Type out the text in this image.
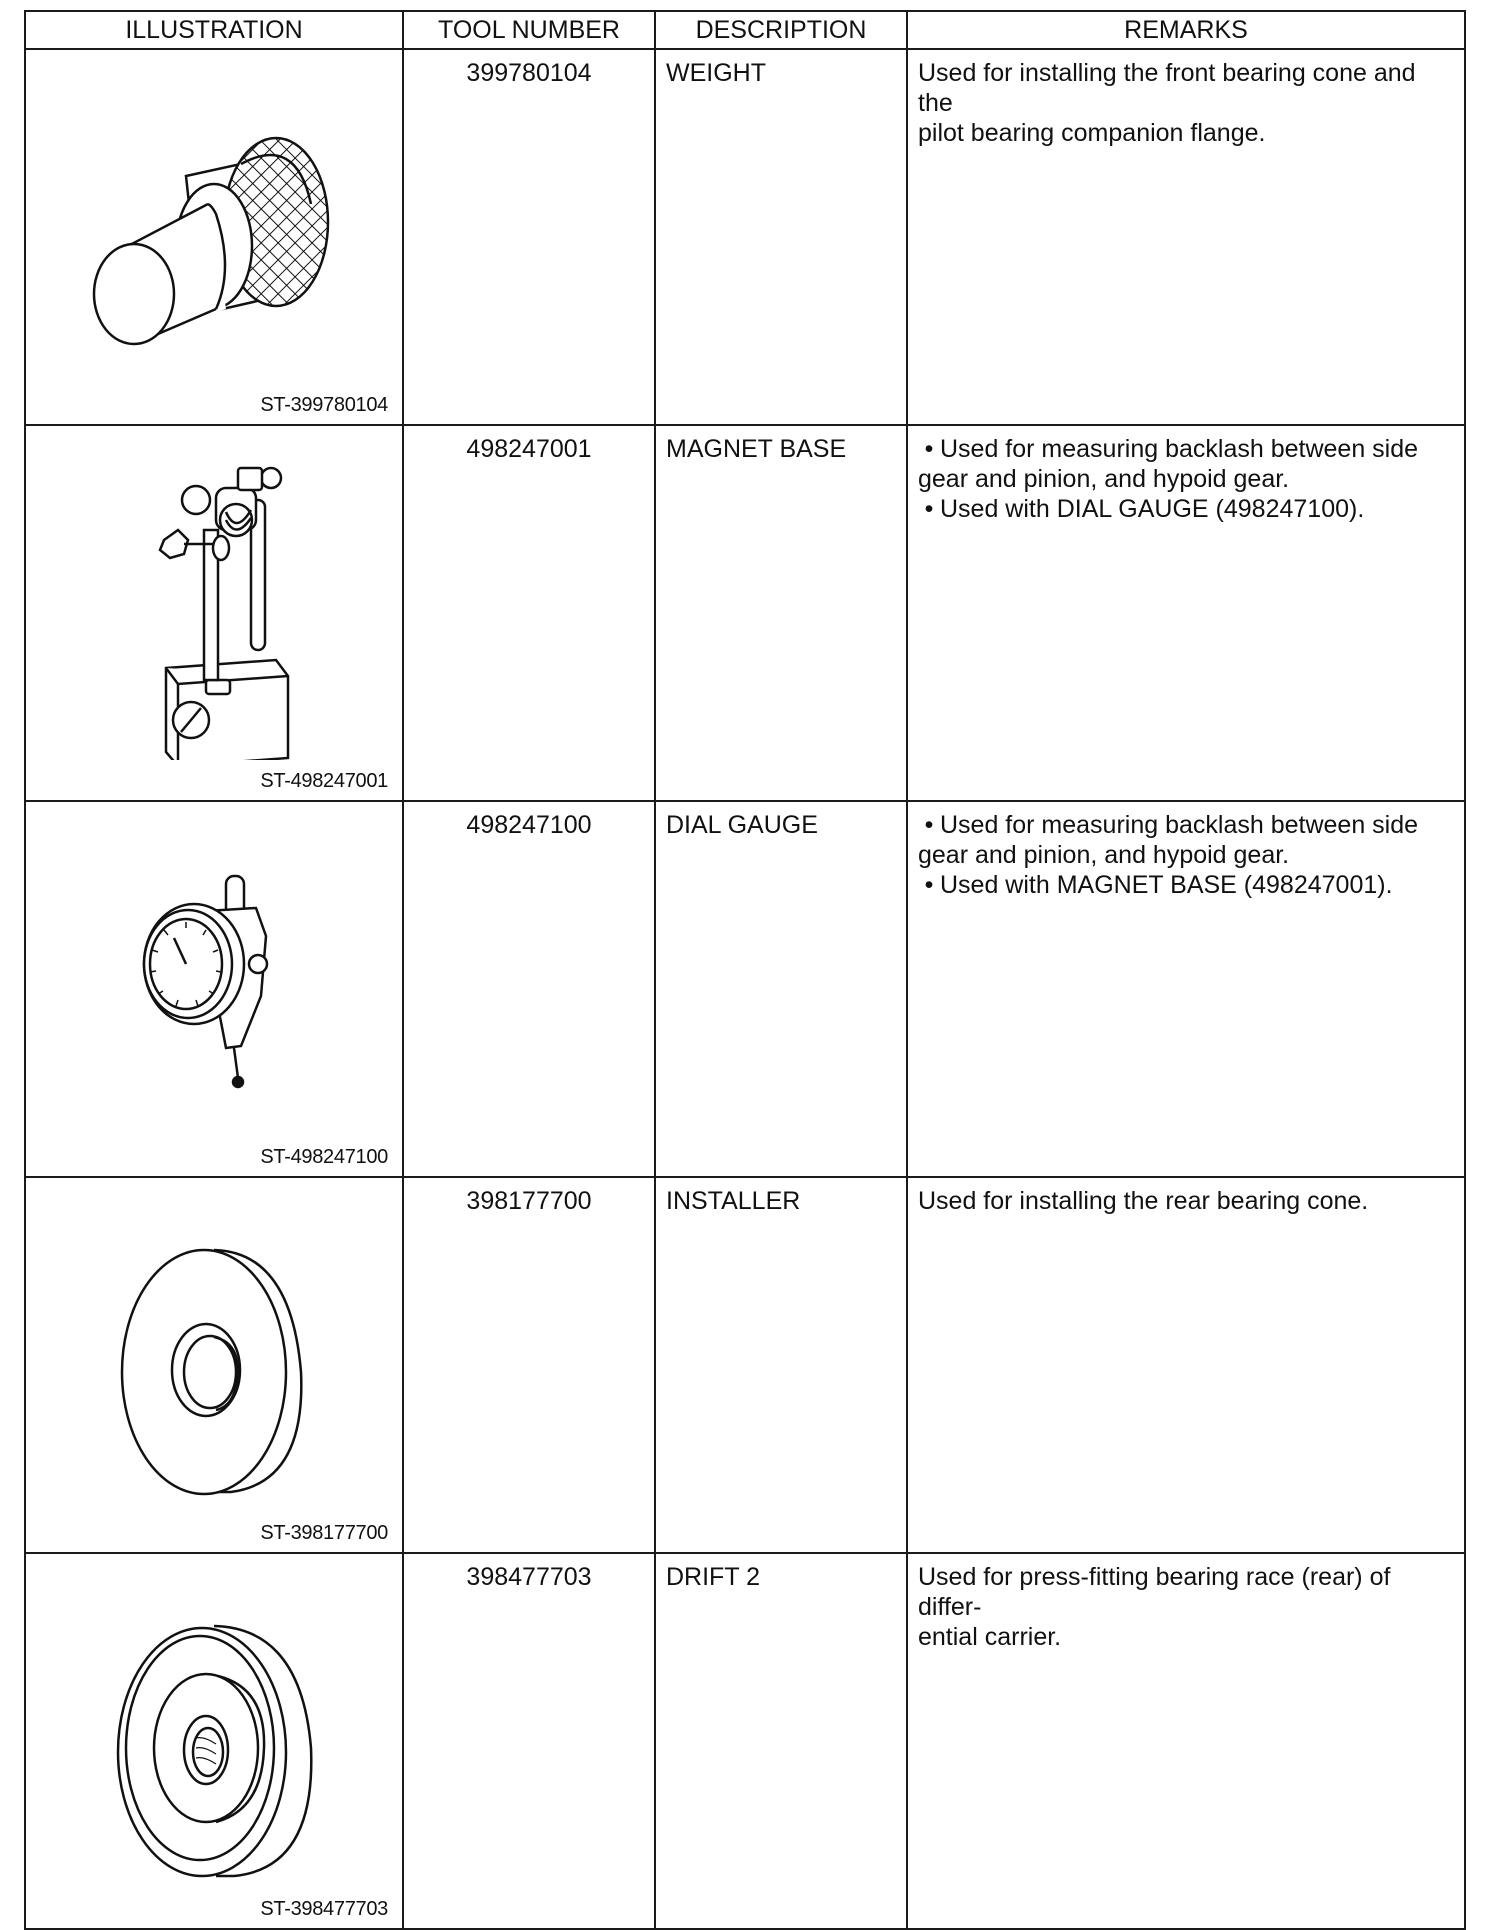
ILLUSTRATION	TOOL NUMBER	DESCRIPTION	REMARKS

ST-399780104	399780104	WEIGHT	Used for installing the front bearing cone and the
pilot bearing companion flange.

ST-498247001	498247001	MAGNET BASE	• Used for measuring backlash between side
gear and pinion, and hypoid gear.
• Used with DIAL GAUGE (498247100).

ST-498247100	498247100	DIAL GAUGE	• Used for measuring backlash between side
gear and pinion, and hypoid gear.
• Used with MAGNET BASE (498247001).

ST-398177700	398177700	INSTALLER	Used for installing the rear bearing cone.

ST-398477703	398477703	DRIFT 2	Used for press-fitting bearing race (rear) of differ-
ential carrier.
